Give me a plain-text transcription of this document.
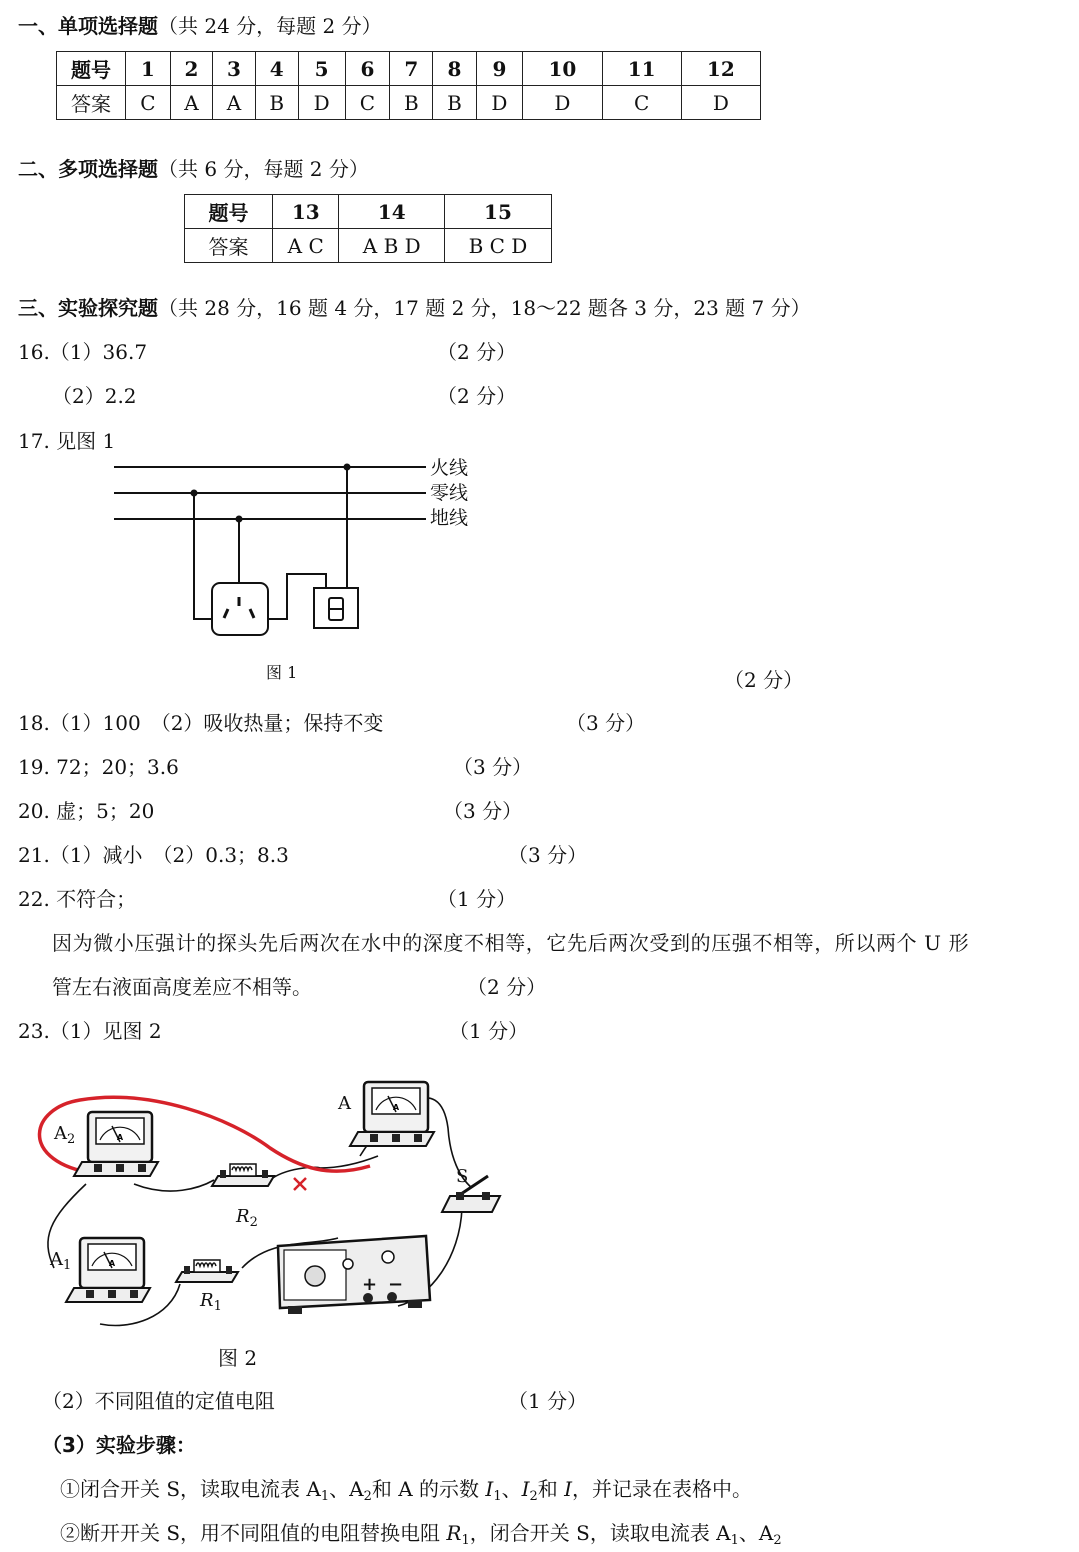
一、单项选择题（共 24 分，每题 2 分）
题号	1	2	3	4	5	6	7	8	9	10	11	12
答案	C	A	A	B	D	C	B	B	D	D	C	D
二、多项选择题（共 6 分，每题 2 分）
题号	13	14	15
答案	A C	A B D	B C D
三、实验探究题（共 28 分，16 题 4 分，17 题 2 分，18～22 题各 3 分，23 题 7 分）
16.（1）36.7	（2 分）
（2）2.2	（2 分）
17. 见图 1
火线
零线
地线
图 1	（2 分）
18.（1）100　（2）吸收热量；保持不变	（3 分）
19. 72；20；3.6	（3 分）
20. 虚；5；20	（3 分）
21.（1）减小　（2）0.3；8.3	（3 分）
22. 不符合；	（1 分）
因为微小压强计的探头先后两次在水中的深度不相等，它先后两次受到的压强不相等，所以两个 U 形
管左右液面高度差应不相等。	（2 分）
23.（1）见图 2	（1 分）
A
$A_2$
A
$A_1$
$R_2$
$R_1$
S
+ −
图 2
（2）不同阻值的定值电阻	（1 分）
（3）实验步骤：
①闭合开关 S，读取电流表 $A_1$、$A_2$和 A 的示数 $I_1$、$I_2$和 I，并记录在表格中。
②断开开关 S，用不同阻值的电阻替换电阻 $R_1$，闭合开关 S，读取电流表 $A_1$、$A_2$
